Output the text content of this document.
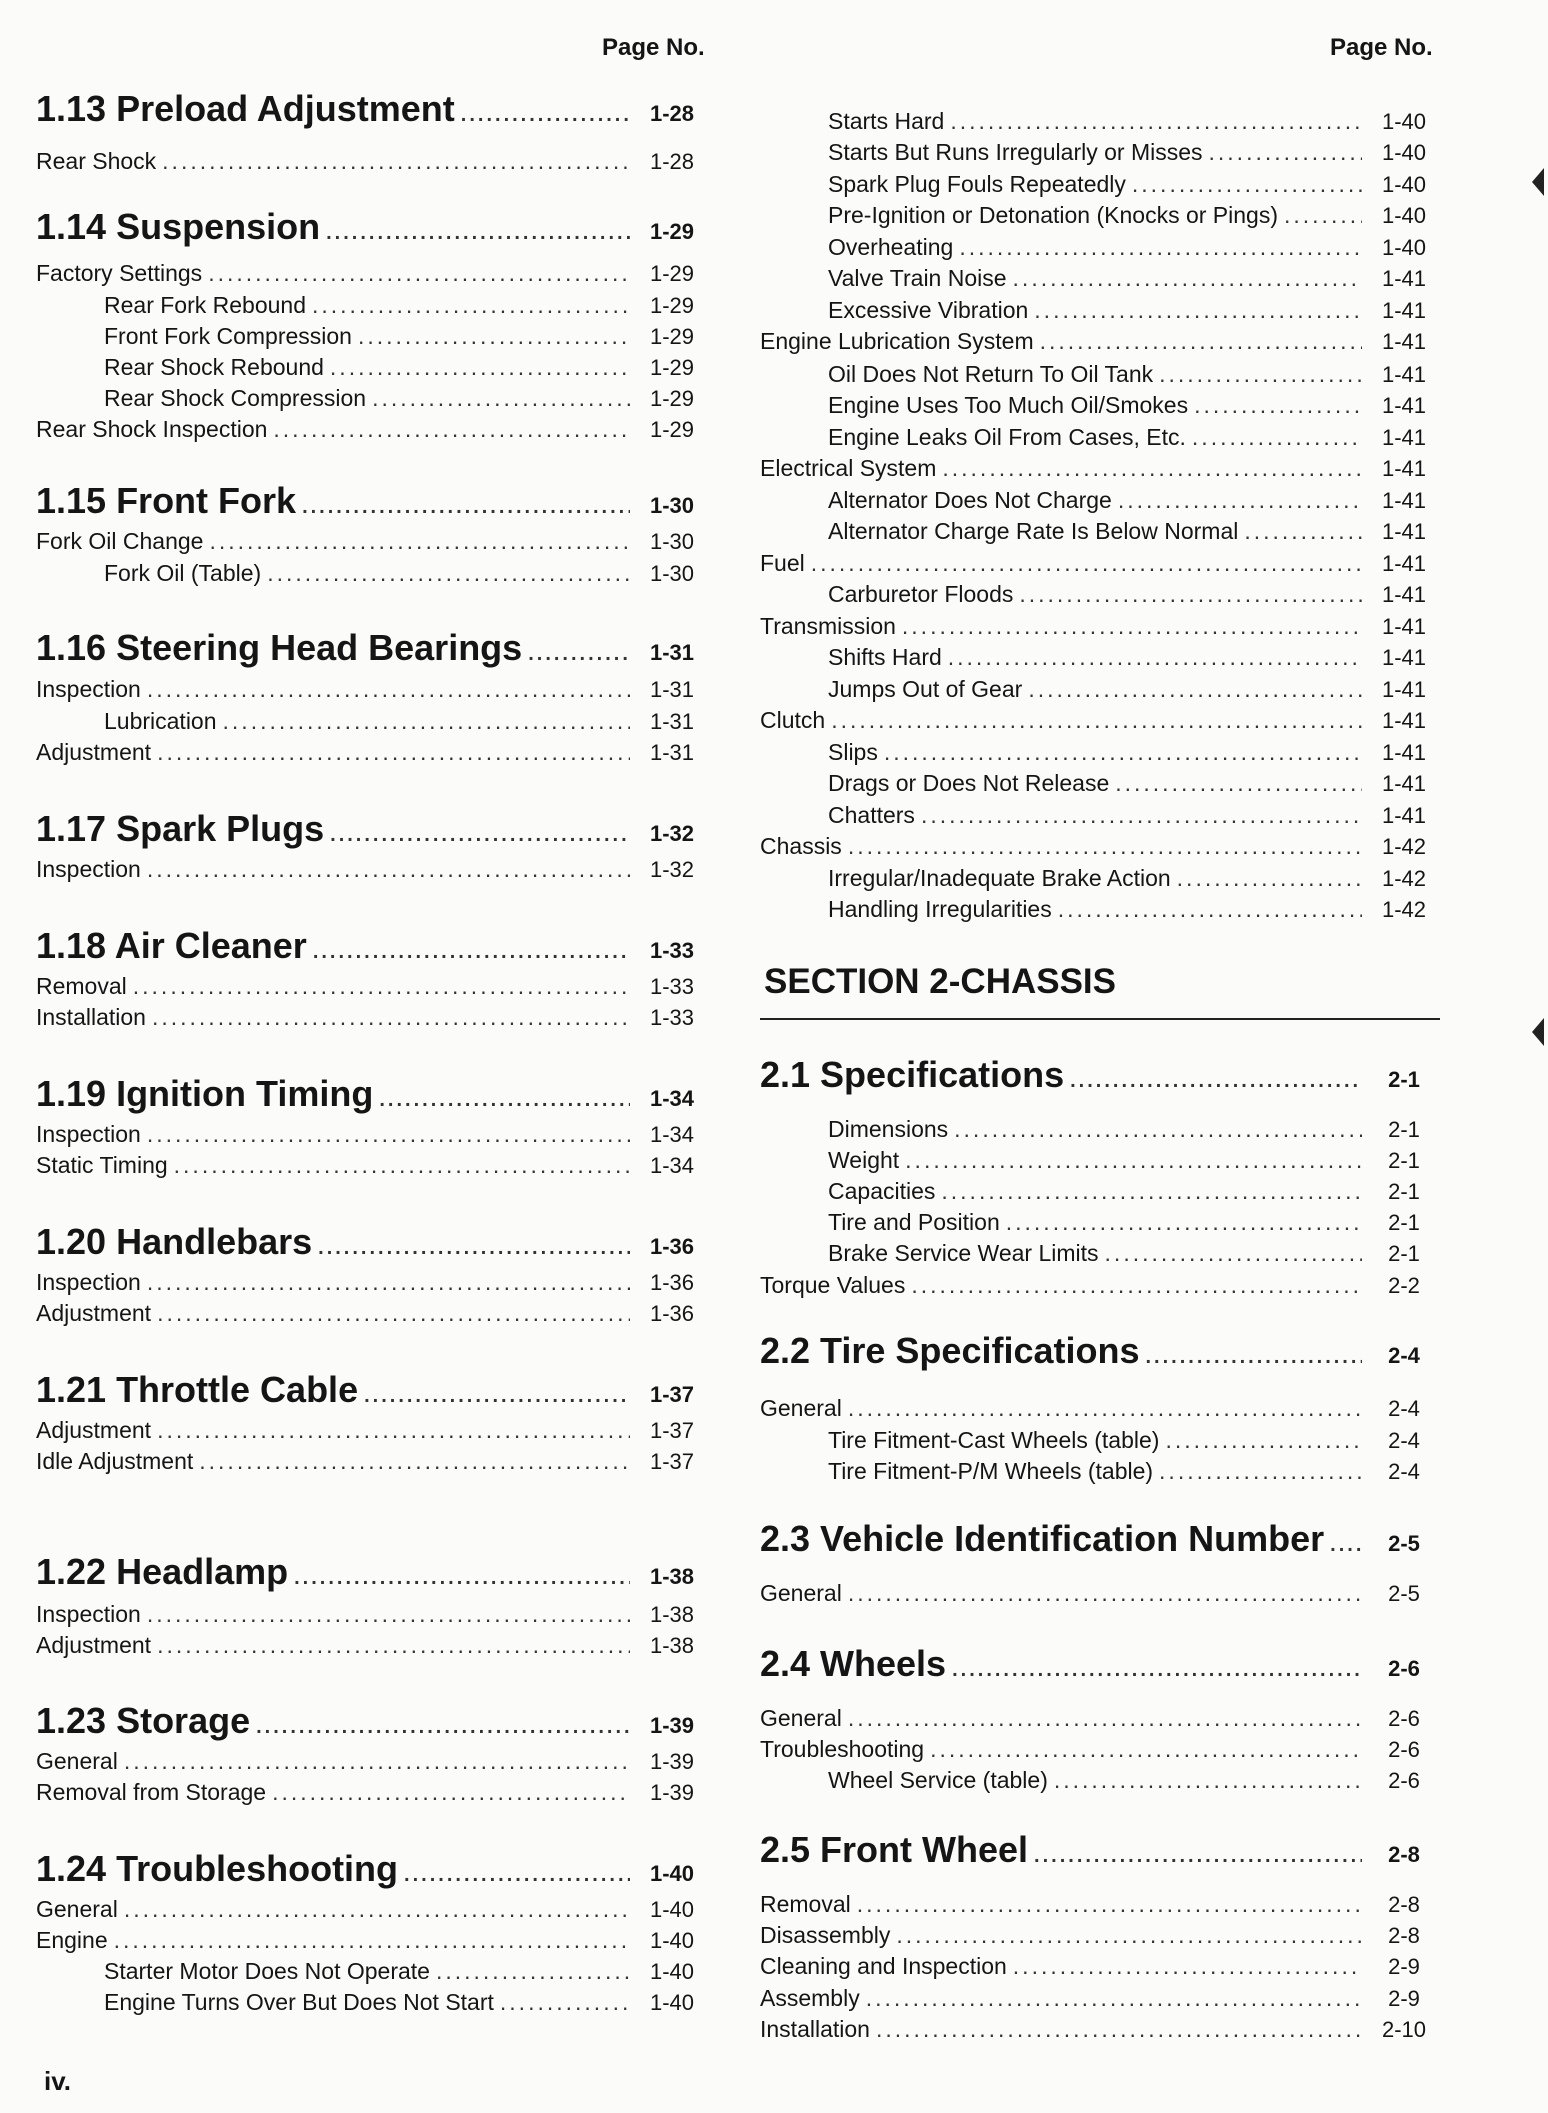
Page No.
1.13 Preload Adjustment .....	1-28
Rear Shock .....	1-28
1.14 Suspension .....	1-29
Factory Settings .....	1-29
Rear Fork Rebound .....	1-29
Front Fork Compression .....	1-29
Rear Shock Rebound .....	1-29
Rear Shock Compression .....	1-29
Rear Shock Inspection .....	1-29
1.15 Front Fork .....	1-30
Fork Oil Change .....	1-30
Fork Oil (Table) .....	1-30
1.16 Steering Head Bearings .....	1-31
Inspection .....	1-31
Lubrication .....	1-31
Adjustment .....	1-31
1.17 Spark Plugs .....	1-32
Inspection .....	1-32
1.18 Air Cleaner .....	1-33
Removal .....	1-33
Installation .....	1-33
1.19 Ignition Timing .....	1-34
Inspection .....	1-34
Static Timing .....	1-34
1.20 Handlebars .....	1-36
Inspection .....	1-36
Adjustment .....	1-36
1.21 Throttle Cable .....	1-37
Adjustment .....	1-37
Idle Adjustment .....	1-37
1.22 Headlamp .....	1-38
Inspection .....	1-38
Adjustment .....	1-38
1.23 Storage .....	1-39
General .....	1-39
Removal from Storage .....	1-39
1.24 Troubleshooting .....	1-40
General .....	1-40
Engine .....	1-40
Starter Motor Does Not Operate .....	1-40
Engine Turns Over But Does Not Start .....	1-40
Page No.
SECTION 2-CHASSIS
Starts Hard .....	1-40
Starts But Runs Irregularly or Misses .....	1-40
Spark Plug Fouls Repeatedly .....	1-40
Pre-Ignition or Detonation (Knocks or Pings) .....	1-40
Overheating .....	1-40
Valve Train Noise .....	1-41
Excessive Vibration .....	1-41
Engine Lubrication System .....	1-41
Oil Does Not Return To Oil Tank .....	1-41
Engine Uses Too Much Oil/Smokes .....	1-41
Engine Leaks Oil From Cases, Etc. .....	1-41
Electrical System .....	1-41
Alternator Does Not Charge .....	1-41
Alternator Charge Rate Is Below Normal .....	1-41
Fuel .....	1-41
Carburetor Floods .....	1-41
Transmission .....	1-41
Shifts Hard .....	1-41
Jumps Out of Gear .....	1-41
Clutch .....	1-41
Slips .....	1-41
Drags or Does Not Release .....	1-41
Chatters .....	1-41
Chassis .....	1-42
Irregular/Inadequate Brake Action .....	1-42
Handling Irregularities .....	1-42
2.1 Specifications .....	2-1
Dimensions .....	2-1
Weight .....	2-1
Capacities .....	2-1
Tire and Position .....	2-1
Brake Service Wear Limits .....	2-1
Torque Values .....	2-2
2.2 Tire Specifications .....	2-4
General .....	2-4
Tire Fitment-Cast Wheels (table) .....	2-4
Tire Fitment-P/M Wheels (table) .....	2-4
2.3 Vehicle Identification Number .....	2-5
General .....	2-5
2.4 Wheels .....	2-6
General .....	2-6
Troubleshooting .....	2-6
Wheel Service (table) .....	2-6
2.5 Front Wheel .....	2-8
Removal .....	2-8
Disassembly .....	2-8
Cleaning and Inspection .....	2-9
Assembly .....	2-9
Installation .....	2-10
iv.
